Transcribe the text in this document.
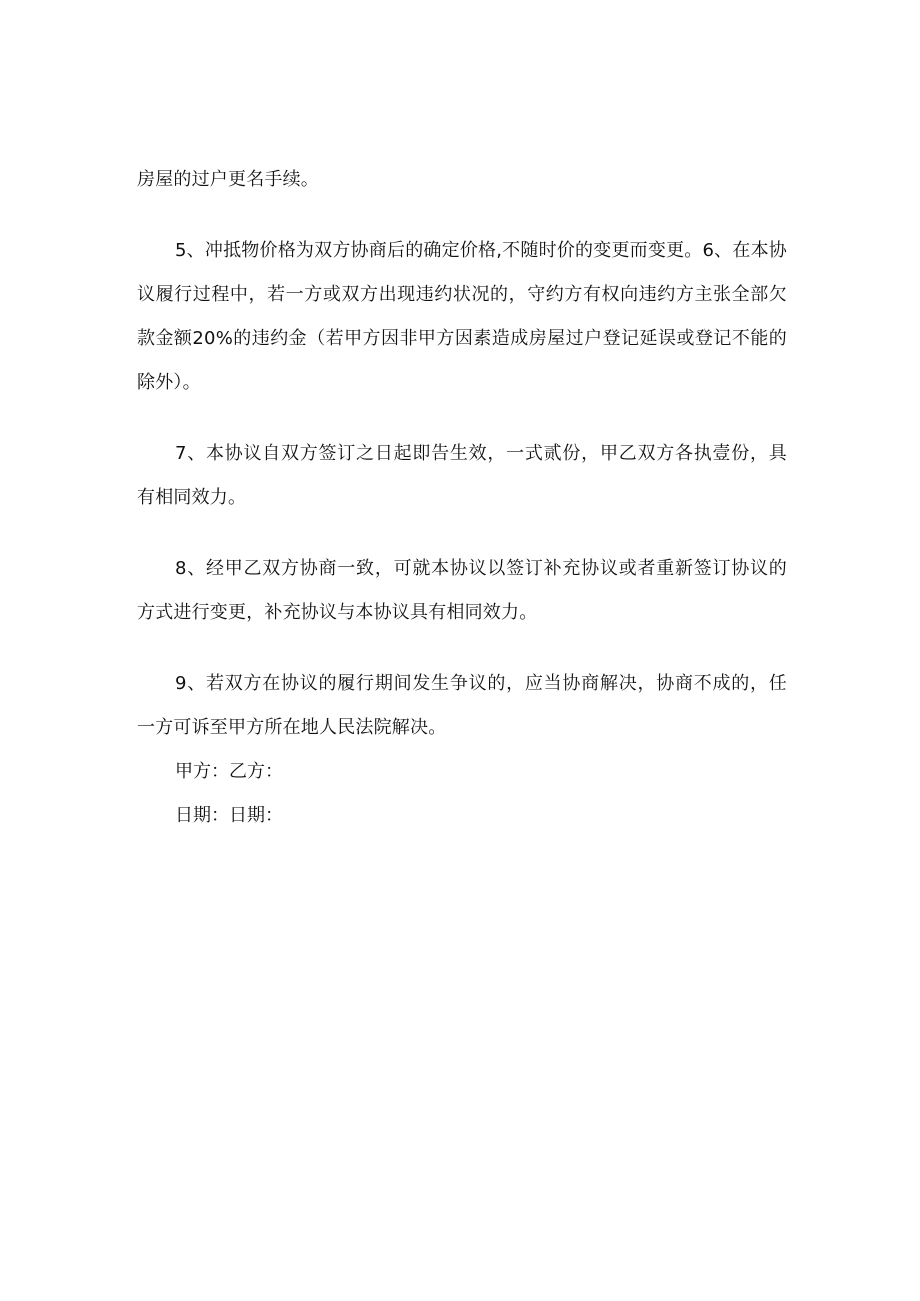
房屋的过户更名手续。

5、冲抵物价格为双方协商后的确定价格,不随时价的变更而变更。6、在本协议履行过程中，若一方或双方出现违约状况的，守约方有权向违约方主张全部欠款金额20%的违约金（若甲方因非甲方因素造成房屋过户登记延误或登记不能的除外）。

7、本协议自双方签订之日起即告生效，一式贰份，甲乙双方各执壹份，具有相同效力。

8、经甲乙双方协商一致，可就本协议以签订补充协议或者重新签订协议的方式进行变更，补充协议与本协议具有相同效力。

9、若双方在协议的履行期间发生争议的，应当协商解决，协商不成的，任一方可诉至甲方所在地人民法院解决。

甲方：乙方：

日期：日期：
